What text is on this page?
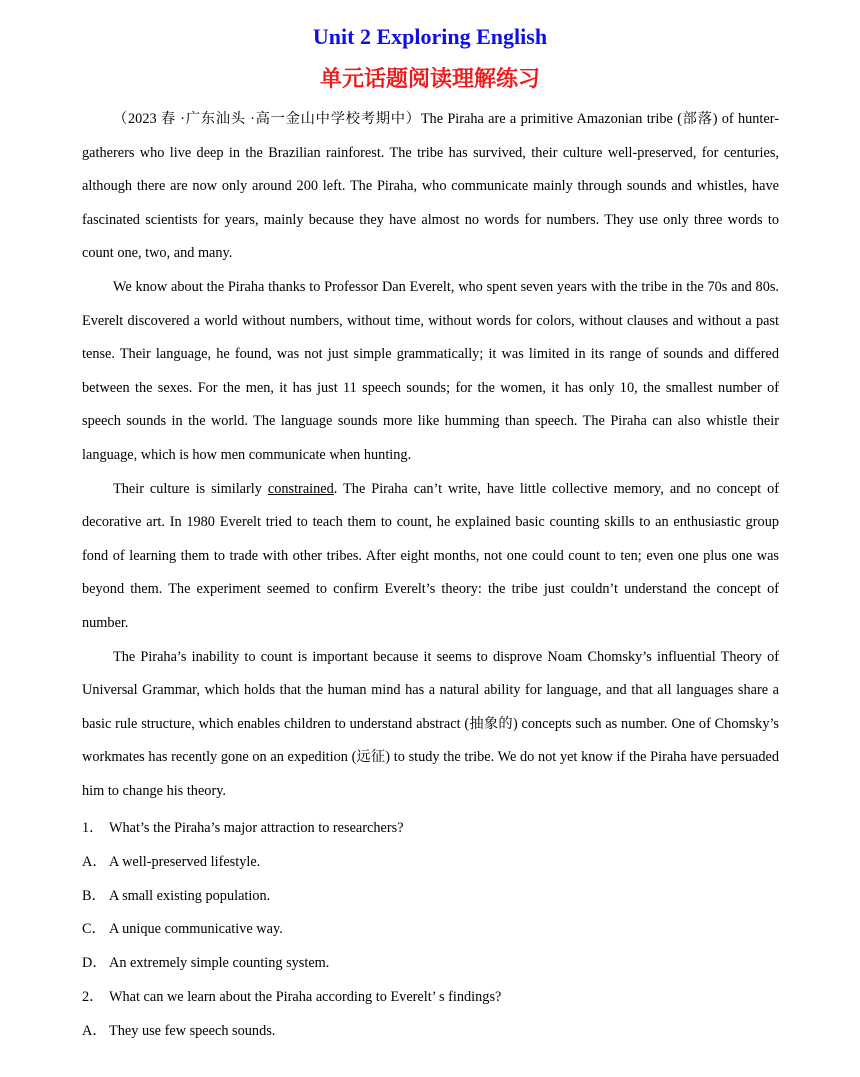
Unit 2 Exploring English
单元话题阅读理解练习

（2023 春 ·广东汕头 ·高一金山中学校考期中）The Piraha are a primitive Amazonian tribe (部落) of hunter-gatherers who live deep in the Brazilian rainforest. The tribe has survived, their culture well-preserved, for centuries, although there are now only around 200 left. The Piraha, who communicate mainly through sounds and whistles, have fascinated scientists for years, mainly because they have almost no words for numbers. They use only three words to count one, two, and many.

We know about the Piraha thanks to Professor Dan Everelt, who spent seven years with the tribe in the 70s and 80s. Everelt discovered a world without numbers, without time, without words for colors, without clauses and without a past tense. Their language, he found, was not just simple grammatically; it was limited in its range of sounds and differed between the sexes. For the men, it has just 11 speech sounds; for the women, it has only 10, the smallest number of speech sounds in the world. The language sounds more like humming than speech. The Piraha can also whistle their language, which is how men communicate when hunting.

Their culture is similarly constrained. The Piraha can’t write, have little collective memory, and no concept of decorative art. In 1980 Everelt tried to teach them to count, he explained basic counting skills to an enthusiastic group fond of learning them to trade with other tribes. After eight months, not one could count to ten; even one plus one was beyond them. The experiment seemed to confirm Everelt’s theory: the tribe just couldn’t understand the concept of number.

The Piraha’s inability to count is important because it seems to disprove Noam Chomsky’s influential Theory of Universal Grammar, which holds that the human mind has a natural ability for language, and that all languages share a basic rule structure, which enables children to understand abstract (抽象的) concepts such as number. One of Chomsky’s workmates has recently gone on an expedition (远征) to study the tribe. We do not yet know if the Piraha have persuaded him to change his theory.

1． What’s the Piraha’s major attraction to researchers?

A． A well-preserved lifestyle.

B． A small existing population.

C． A unique communicative way.

D． An extremely simple counting system.

2． What can we learn about the Piraha according to Everelt’ s findings?

A． They use few speech sounds.
